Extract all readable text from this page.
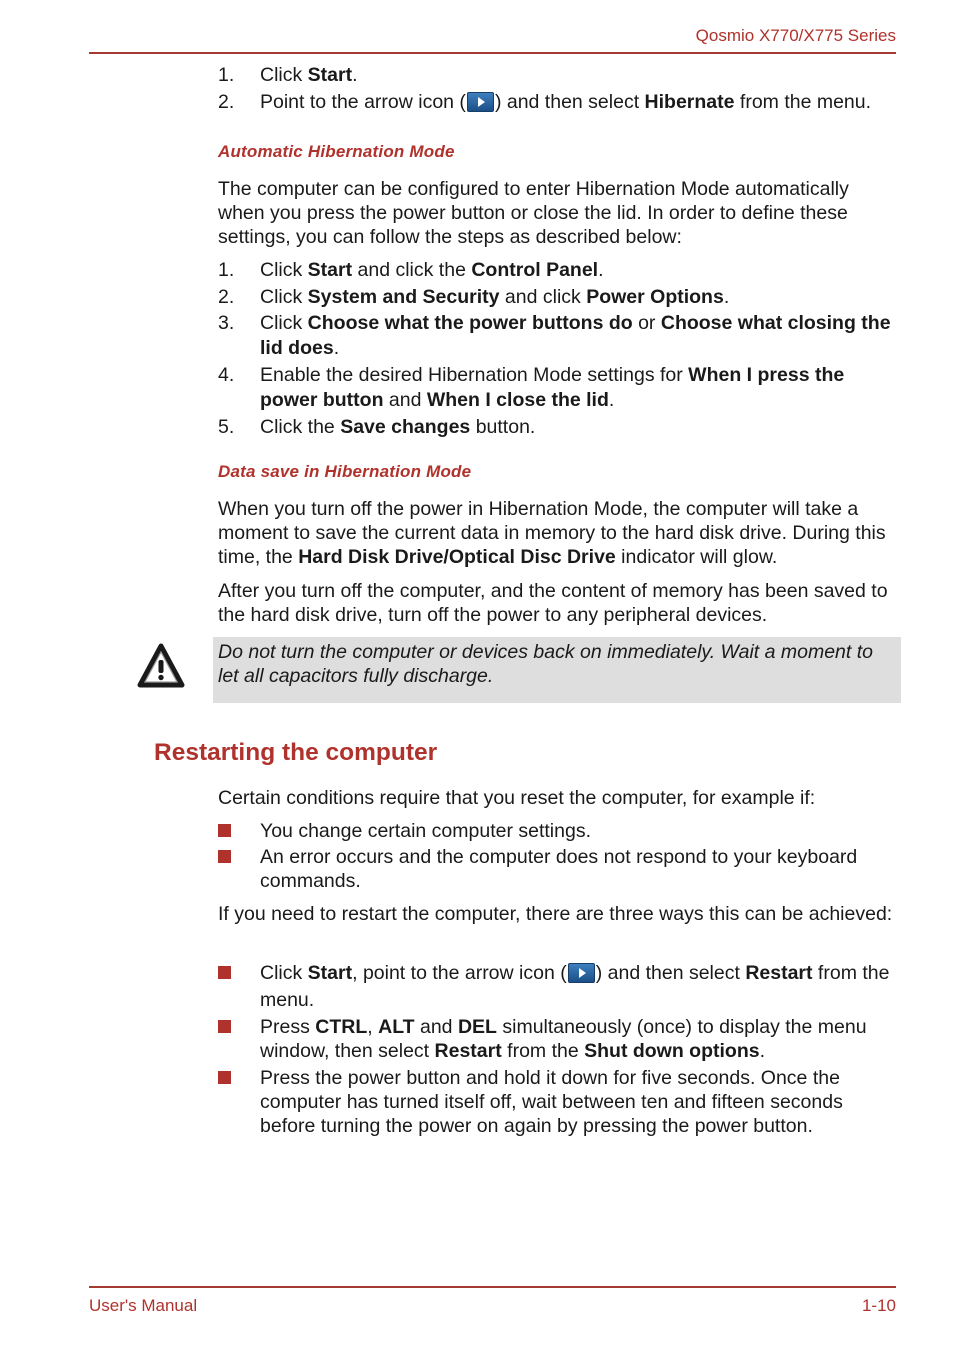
Qosmio X770/X775 Series
1. Click Start.
2. Point to the arrow icon ( ) and then select Hibernate from the menu.
Automatic Hibernation Mode
The computer can be configured to enter Hibernation Mode automatically when you press the power button or close the lid. In order to define these settings, you can follow the steps as described below:
1. Click Start and click the Control Panel.
2. Click System and Security and click Power Options.
3. Click Choose what the power buttons do or Choose what closing the lid does.
4. Enable the desired Hibernation Mode settings for When I press the power button and When I close the lid.
5. Click the Save changes button.
Data save in Hibernation Mode
When you turn off the power in Hibernation Mode, the computer will take a moment to save the current data in memory to the hard disk drive. During this time, the Hard Disk Drive/Optical Disc Drive indicator will glow.
After you turn off the computer, and the content of memory has been saved to the hard disk drive, turn off the power to any peripheral devices.
Do not turn the computer or devices back on immediately. Wait a moment to let all capacitors fully discharge.
Restarting the computer
Certain conditions require that you reset the computer, for example if:
You change certain computer settings.
An error occurs and the computer does not respond to your keyboard commands.
If you need to restart the computer, there are three ways this can be achieved:
Click Start, point to the arrow icon ( ) and then select Restart from the menu.
Press CTRL, ALT and DEL simultaneously (once) to display the menu window, then select Restart from the Shut down options.
Press the power button and hold it down for five seconds. Once the computer has turned itself off, wait between ten and fifteen seconds before turning the power on again by pressing the power button.
User's Manual	1-10
